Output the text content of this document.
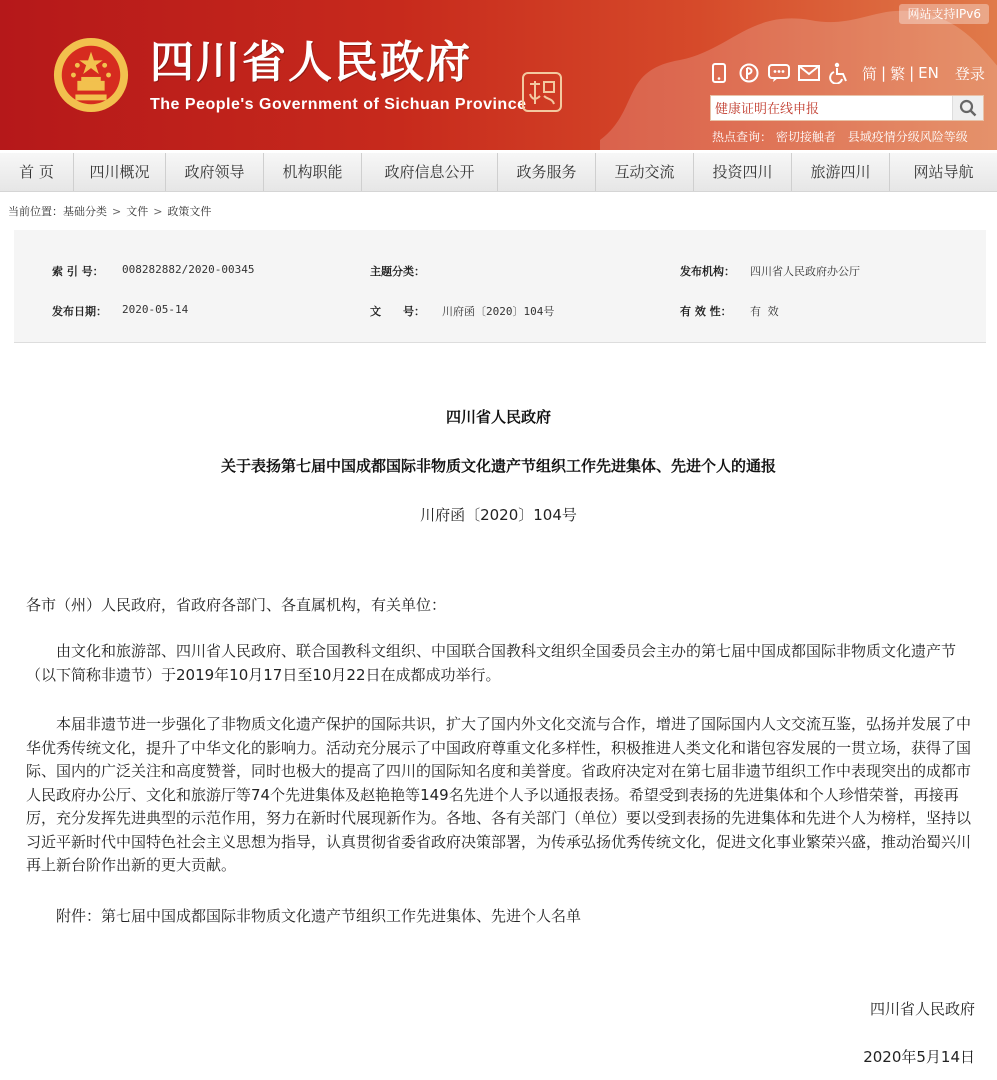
网站支持IPv6
四川省人民政府
The People's Government of Sichuan Province
简 | 繁 | EN 登录
健康证明在线申报
热点查询： 密切接触者 县域疫情分级风险等级
首 页	四川概况	政府领导	机构职能	政府信息公开	政务服务	互动交流	投资四川	旅游四川	网站导航
当前位置：基础分类 > 文件 > 政策文件
索 引 号： 008282882/2020-00345	主题分类：	发布机构： 四川省人民政府办公厅
发布日期： 2020-05-14	文　　号： 川府函〔2020〕104号	有 效 性： 有 效
四川省人民政府
关于表扬第七届中国成都国际非物质文化遗产节组织工作先进集体、先进个人的通报
川府函〔2020〕104号
各市（州）人民政府，省政府各部门、各直属机构，有关单位：
由文化和旅游部、四川省人民政府、联合国教科文组织、中国联合国教科文组织全国委员会主办的第七届中国成都国际非物质文化遗产节（以下简称非遗节）于2019年10月17日至10月22日在成都成功举行。
本届非遗节进一步强化了非物质文化遗产保护的国际共识，扩大了国内外文化交流与合作，增进了国际国内人文交流互鉴，弘扬并发展了中华优秀传统文化，提升了中华文化的影响力。活动充分展示了中国政府尊重文化多样性，积极推进人类文化和谐包容发展的一贯立场，获得了国际、国内的广泛关注和高度赞誉，同时也极大的提高了四川的国际知名度和美誉度。省政府决定对在第七届非遗节组织工作中表现突出的成都市人民政府办公厅、文化和旅游厅等74个先进集体及赵艳艳等149名先进个人予以通报表扬。希望受到表扬的先进集体和个人珍惜荣誉，再接再厉，充分发挥先进典型的示范作用，努力在新时代展现新作为。各地、各有关部门（单位）要以受到表扬的先进集体和先进个人为榜样，坚持以习近平新时代中国特色社会主义思想为指导，认真贯彻省委省政府决策部署，为传承弘扬优秀传统文化，促进文化事业繁荣兴盛，推动治蜀兴川再上新台阶作出新的更大贡献。
附件：第七届中国成都国际非物质文化遗产节组织工作先进集体、先进个人名单
四川省人民政府
2020年5月14日
